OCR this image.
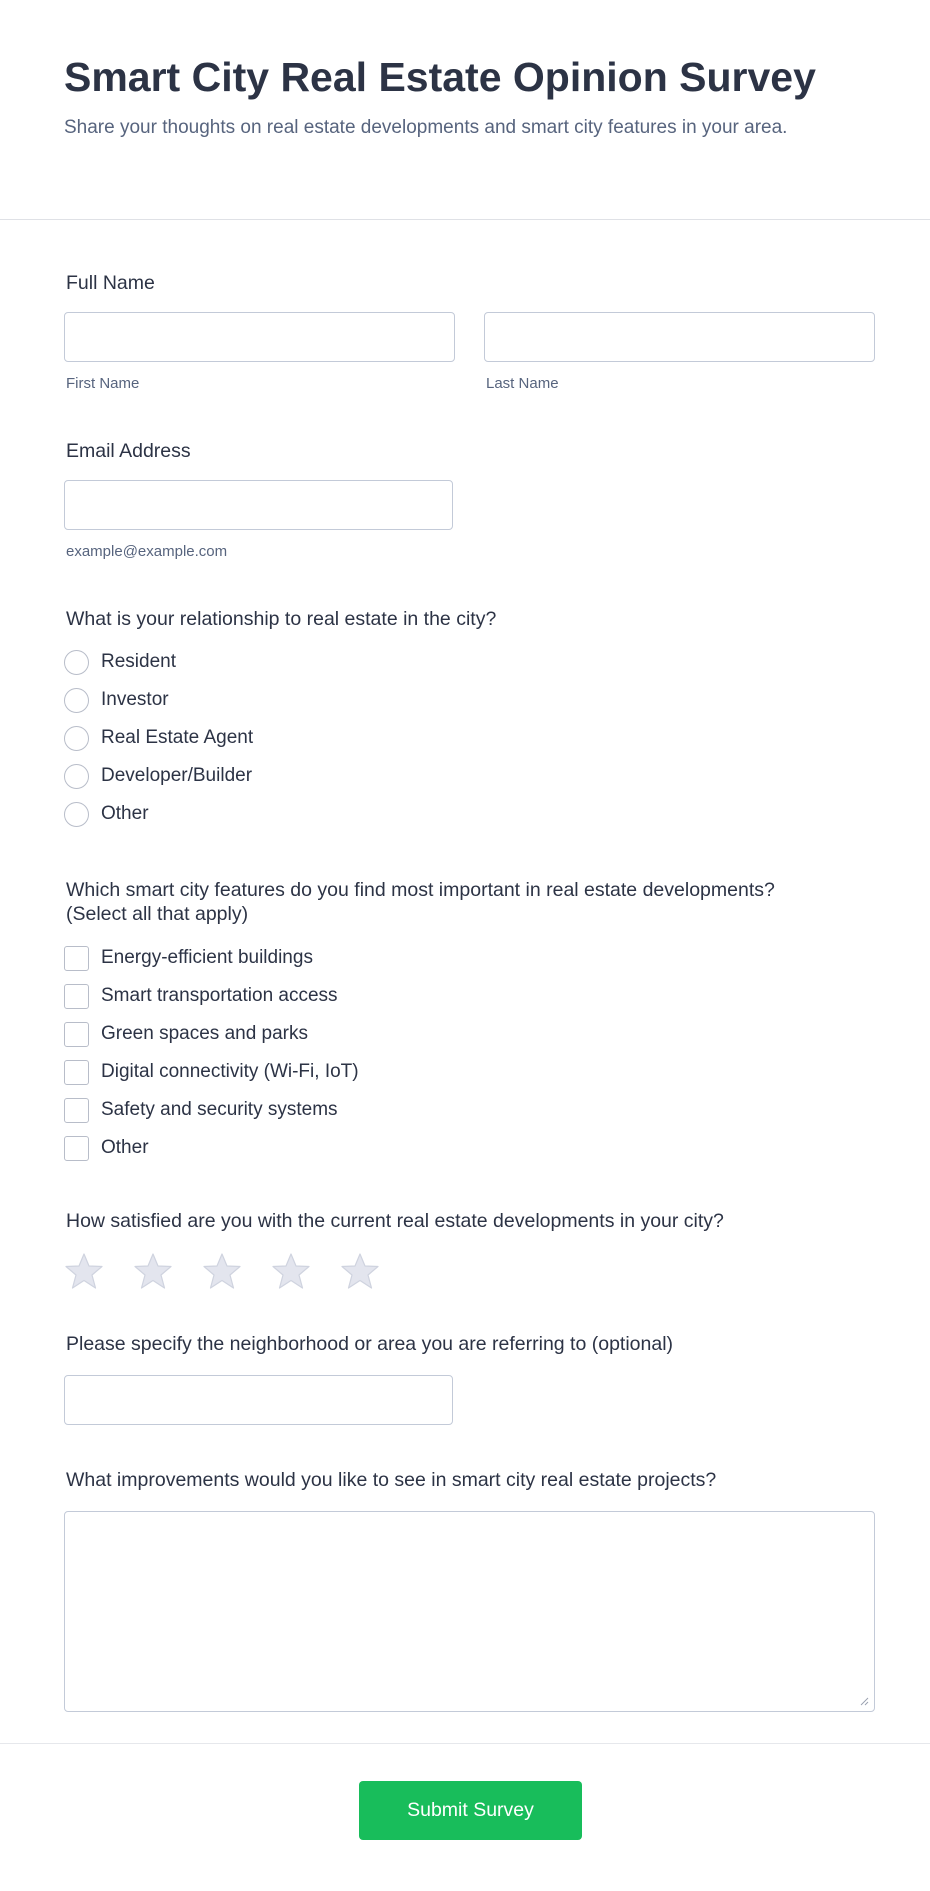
Smart City Real Estate Opinion Survey

Share your thoughts on real estate developments and smart city features in your area.

Full Name
First Name	Last Name
Email Address
example@example.com
What is your relationship to real estate in the city?
Resident
Investor
Real Estate Agent
Developer/Builder
Other
Which smart city features do you find most important in real estate developments?
(Select all that apply)
Energy-efficient buildings
Smart transportation access
Green spaces and parks
Digital connectivity (Wi-Fi, IoT)
Safety and security systems
Other
How satisfied are you with the current real estate developments in your city?
Please specify the neighborhood or area you are referring to (optional)
What improvements would you like to see in smart city real estate projects?
Submit Survey
